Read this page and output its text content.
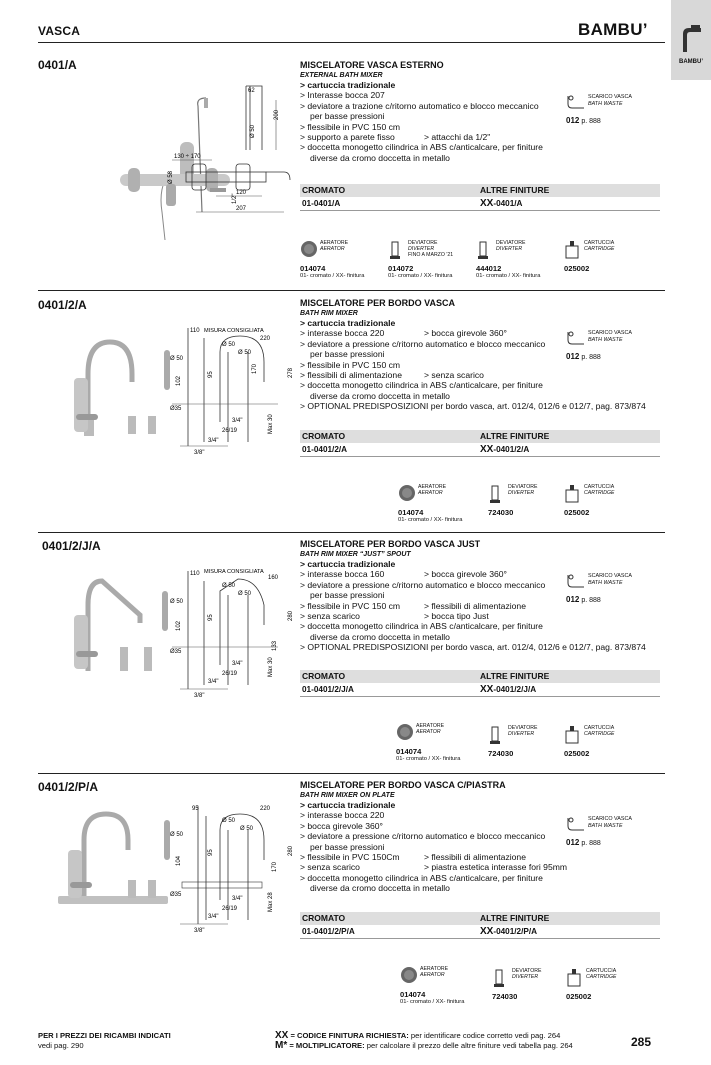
VASCA	BAMBU’
BAMBU’
0401/A
62
200
Ø 50
130 ÷ 170
Ø 58
1/2"
120
207
MISCELATORE VASCA ESTERNO
EXTERNAL BATH MIXER
> cartuccia tradizionale
> Interasse bocca 207
> deviatore a trazione c/ritorno automatico e blocco meccanico
per basse pressioni
> flessibile in PVC 150 cm
> supporto a parete fisso	> attacchi da 1/2"
> doccetta monogetto cilindrica in ABS c/anticalcare, per finiture
diverse da cromo doccetta in metallo
SCARICO VASCA
BATH WASTE
012 p. 888
CROMATO	ALTRE FINITURE
01-0401/A	XX-0401/A
AERATORE
AERATOR
014074
01- cromato / XX- finitura
DEVIATORE
DIVERTER
FINO A MARZO '21
014072
01- cromato / XX- finitura
DEVIATORE
DIVERTER
444012
01- cromato / XX- finitura
CARTUCCIA
CARTRIDGE
025002
0401/2/A
110 MISURA CONSIGLIATA
220
Ø 50
Ø 50
Ø 50
102
95
170	278
Ø35
3/4"
26/19
3/4"
3/8"
Max 30
MISCELATORE PER BORDO VASCA
BATH RIM MIXER
> cartuccia tradizionale
> interasse bocca 220	> bocca girevole 360°
> deviatore a pressione c/ritorno automatico e blocco meccanico
per basse pressioni
> flessibile in PVC 150 cm
> flessibili di alimentazione	> senza scarico
> doccetta monogetto cilindrica in ABS c/anticalcare, per finiture
diverse da cromo doccetta in metallo
> OPTIONAL PREDISPOSIZIONI per bordo vasca, art. 012/4, 012/6 e 012/7, pag. 873/874
SCARICO VASCA
BATH WASTE
012 p. 888
CROMATO	ALTRE FINITURE
01-0401/2/A	XX-0401/2/A
AERATORE
AERATOR
014074
01- cromato / XX- finitura
DEVIATORE
DIVERTER
724030
CARTUCCIA
CARTRIDGE
025002
0401/2/J/A
110 MISURA CONSIGLIATA
160
Ø 50
Ø 50
Ø 50
102
95
133
280
Ø35
3/4"
26/19
3/4"
3/8"
Max 30
MISCELATORE PER BORDO VASCA JUST
BATH RIM MIXER “JUST” SPOUT
> cartuccia tradizionale
> interasse bocca 160	> bocca girevole 360°
> deviatore a pressione c/ritorno automatico e blocco meccanico
per basse pressioni
> flessibile in PVC 150 cm	> flessibili di alimentazione
> senza scarico	> bocca tipo Just
> doccetta monogetto cilindrica in ABS c/anticalcare, per finiture
diverse da cromo doccetta in metallo
> OPTIONAL PREDISPOSIZIONI per bordo vasca, art. 012/4, 012/6 e 012/7, pag. 873/874
SCARICO VASCA
BATH WASTE
012 p. 888
CROMATO	ALTRE FINITURE
01-0401/2/J/A	XX-0401/2/J/A
AERATORE
AERATOR
014074
01- cromato / XX- finitura
DEVIATORE
DIVERTER
724030
CARTUCCIA
CARTRIDGE
025002
0401/2/P/A
95	220
Ø 50
Ø 50
Ø 50
104
95
170
280
Ø35
3/4"
26/19
3/4"
3/8"
Max 28
MISCELATORE PER BORDO VASCA C/PIASTRA
BATH RIM MIXER ON PLATE
> cartuccia tradizionale
> interasse bocca 220
> bocca girevole 360°
> deviatore a pressione c/ritorno automatico e blocco meccanico
per basse pressioni
> flessibile in PVC 150Cm	> flessibili di alimentazione
> senza scarico	> piastra estetica interasse fori 95mm
> doccetta monogetto cilindrica in ABS c/anticalcare, per finiture
diverse da cromo doccetta in metallo
SCARICO VASCA
BATH WASTE
012 p. 888
CROMATO	ALTRE FINITURE
01-0401/2/P/A	XX-0401/2/P/A
AERATORE
AERATOR
014074
01- cromato / XX- finitura
DEVIATORE
DIVERTER
724030
CARTUCCIA
CARTRIDGE
025002
PER I PREZZI DEI RICAMBI INDICATI
vedi pag. 290
XX = CODICE FINITURA RICHIESTA: per identificare codice corretto vedi pag. 264
M* = MOLTIPLICATORE: per calcolare il prezzo delle altre finiture vedi tabella pag. 264	285
